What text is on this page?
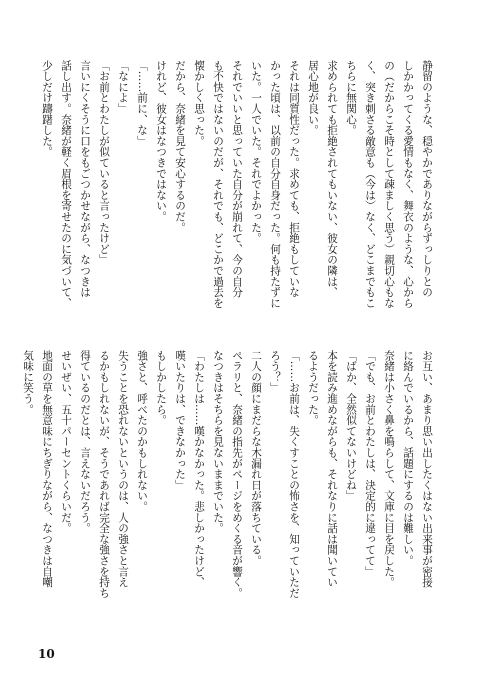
静留のような、穏やかでありながらずっしりとの
しかかってくる愛情もなく、舞衣のような、心から
の（だからこそ時として疎ましく思う）親切心もな
く、突き刺さる敵意も（今は）なく、どこまでもこ
ちらに無関心。
求められても拒絶されてもいない、彼女の隣は、
居心地が良い。
それは同質性だった。求めても、拒絶もしていな
かった頃は、以前の自分自身だった。何も持たずに
いた。一人でいた。それでよかった。
それでいいと思っていた自分が崩れて、今の自分
も不快ではないのだが、それでも、どこかで過去を
懐かしく思った。
だから、奈緒を見て安心するのだ。
けれど、彼女はなつきではない。
「……前に、な」
「なによ」
「お前とわたしが似ていると言ったけど」
言いにくそうに口をもごつかせながら、なつきは
話し出す。奈緒が軽く眉根を寄せたのに気づいて、
少しだけ躊躇した。
お互い、あまり思い出したくはない出来事が密接
に絡んでいるから、話題にするのは難しい。
奈緒は小さく鼻を鳴らして、文庫に目を戻した。
「でも、お前とわたしは、決定的に違ってて」
「ばか、全然似てないけどね」
本を読み進めながらも、それなりに話は聞いてい
るようだった。
「……お前は、失くすことの怖さを、知っていただ
ろう？」
二人の顔にまだらな木漏れ日が落ちている。
ペラリと、奈緒の指先がページをめくる音が響く。
なつきはそちらを見ないままでいた。
「わたしは……嘆かなかった。悲しかったけど、
嘆いたりは、できなかった」
もしかしたら。
強さと、呼べたのかもしれない。
失うことを恐れないというのは、人の強さと言え
るかもしれないが、そうであれば完全な強さを持ち
得ているのだとは、言えないだろう。
せいぜい、五十パーセントくらいだ。
地面の草を無意味にちぎりながら、なつきは自嘲
気味に笑う。
10
